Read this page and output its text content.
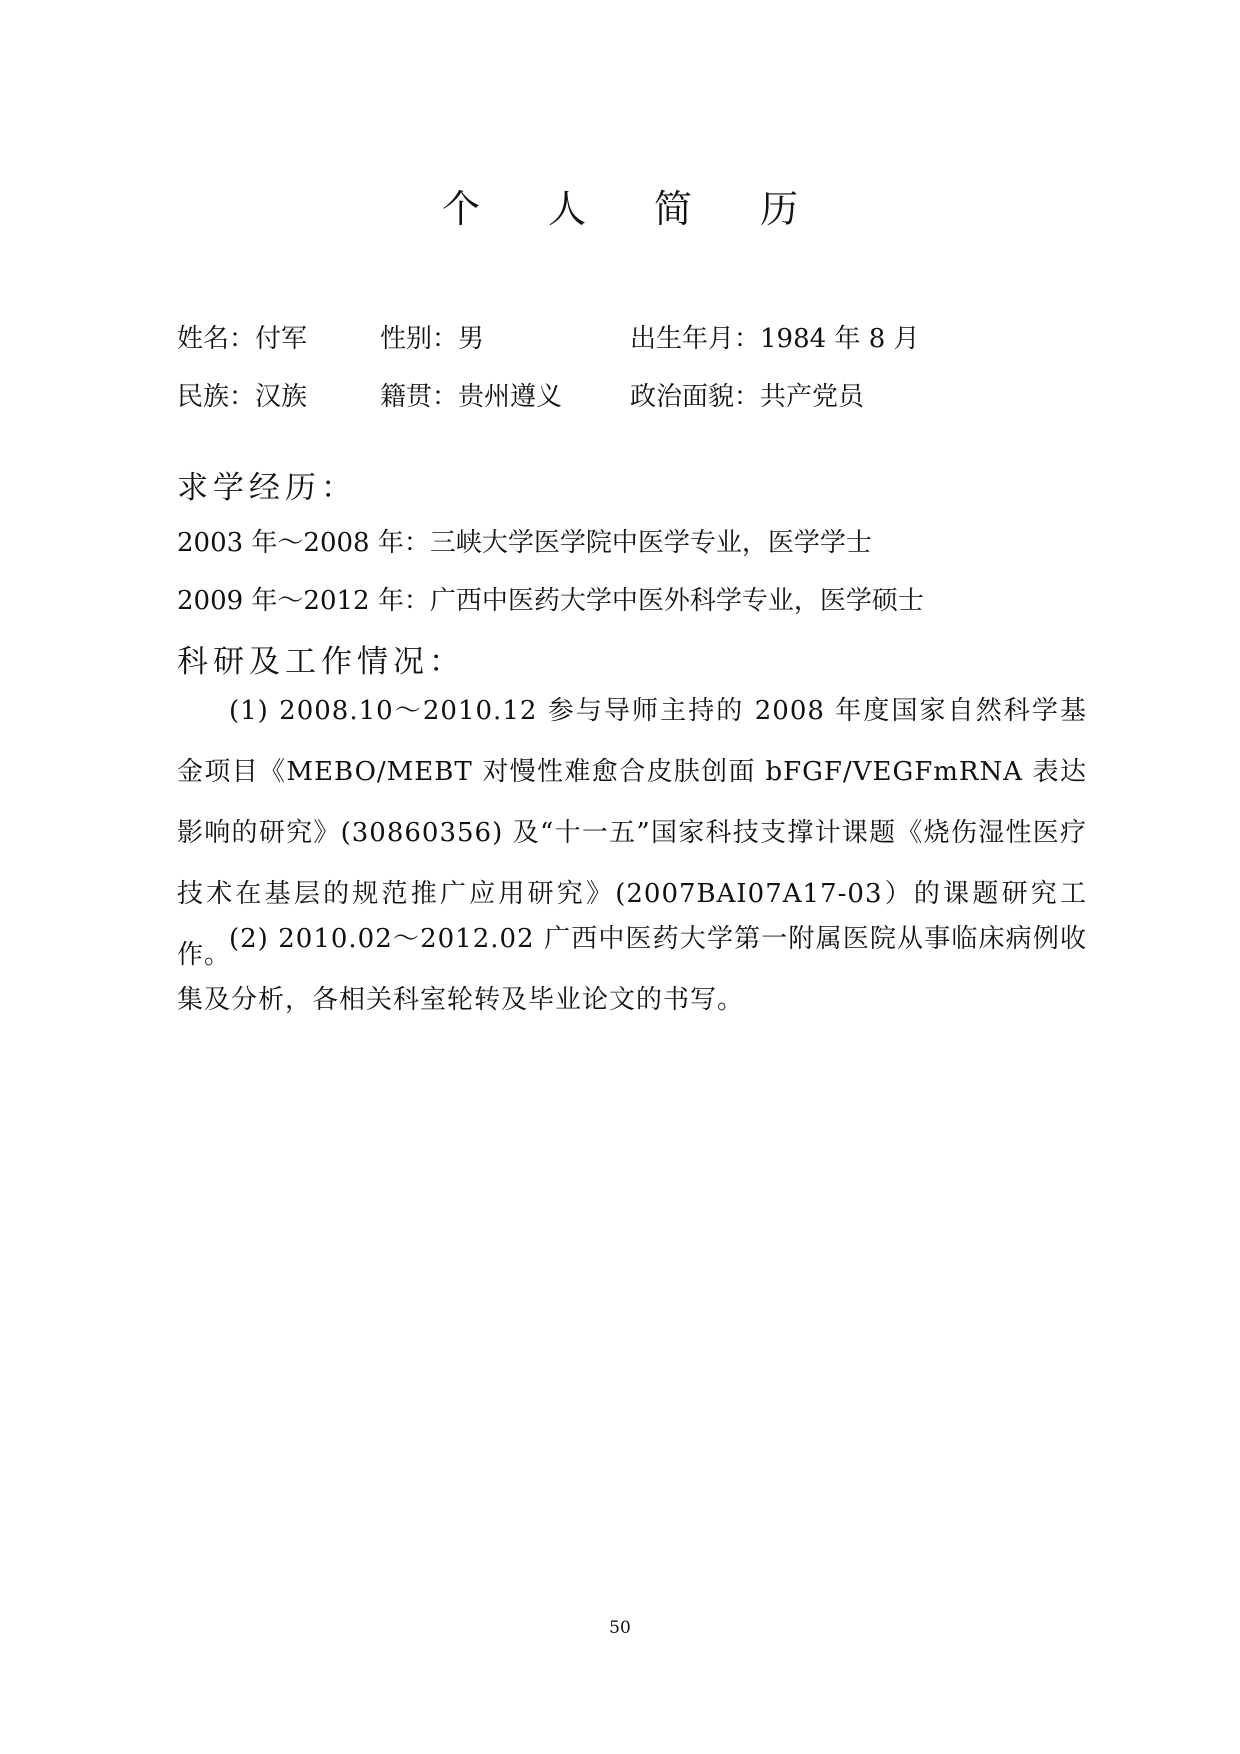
个 人 简 历
姓名：付军	性别：男	出生年月：1984 年 8 月
民族：汉族	籍贯：贵州遵义	政治面貌：共产党员
求学经历：
2003 年～2008 年：三峡大学医学院中医学专业，医学学士
2009 年～2012 年：广西中医药大学中医外科学专业，医学硕士
科研及工作情况：
(1) 2008.10～2010.12 参与导师主持的 2008 年度国家自然科学基金项目《MEBO/MEBT 对慢性难愈合皮肤创面 bFGF/VEGFmRNA 表达影响的研究》(30860356) 及“十一五”国家科技支撑计课题《烧伤湿性医疗技术在基层的规范推广应用研究》(2007BAI07A17-03）的课题研究工作。
(2) 2010.02～2012.02 广西中医药大学第一附属医院从事临床病例收集及分析，各相关科室轮转及毕业论文的书写。
50
